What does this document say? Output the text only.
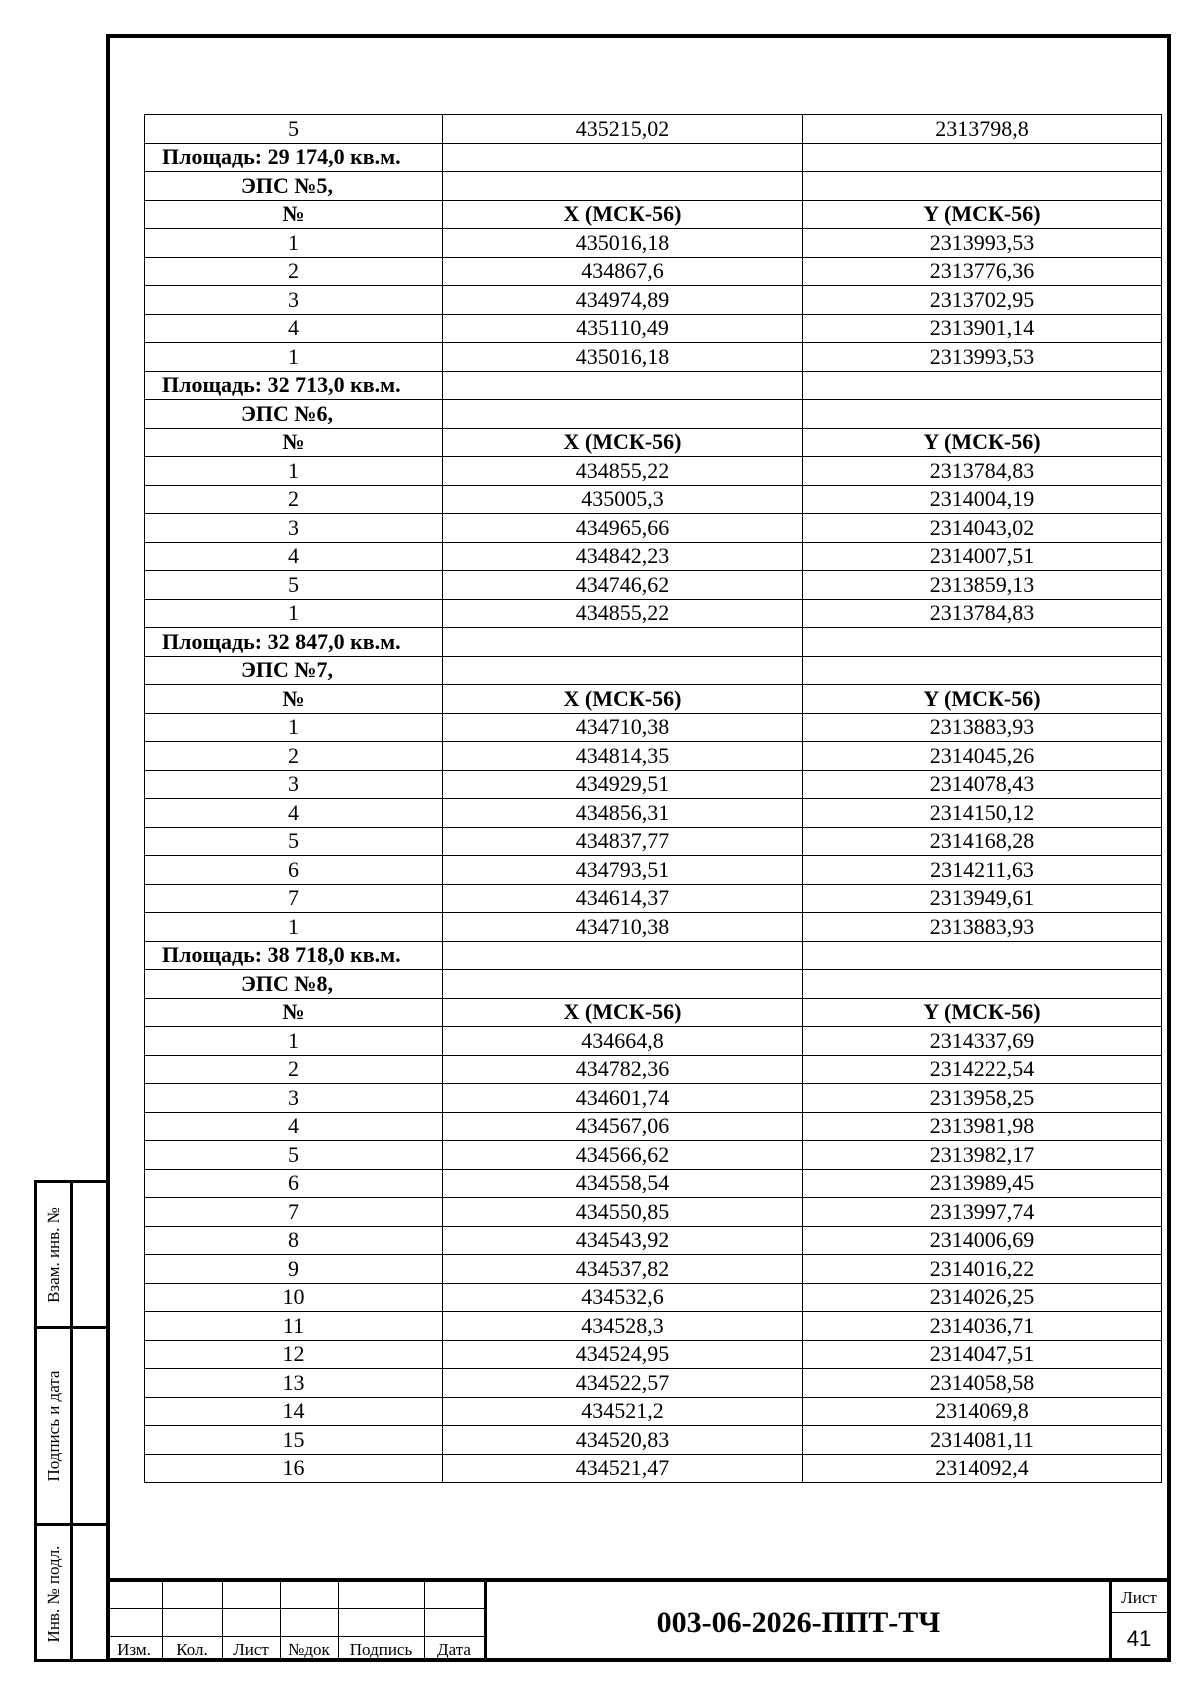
5	435215,02	2313798,8
Площадь: 29 174,0 кв.м.		
ЭПС №5,		
№	X (МСК-56)	Y (МСК-56)
1	435016,18	2313993,53
2	434867,6	2313776,36
3	434974,89	2313702,95
4	435110,49	2313901,14
1	435016,18	2313993,53
Площадь: 32 713,0 кв.м.		
ЭПС №6,		
№	X (МСК-56)	Y (МСК-56)
1	434855,22	2313784,83
2	435005,3	2314004,19
3	434965,66	2314043,02
4	434842,23	2314007,51
5	434746,62	2313859,13
1	434855,22	2313784,83
Площадь: 32 847,0 кв.м.		
ЭПС №7,		
№	X (МСК-56)	Y (МСК-56)
1	434710,38	2313883,93
2	434814,35	2314045,26
3	434929,51	2314078,43
4	434856,31	2314150,12
5	434837,77	2314168,28
6	434793,51	2314211,63
7	434614,37	2313949,61
1	434710,38	2313883,93
Площадь: 38 718,0 кв.м.		
ЭПС №8,		
№	X (МСК-56)	Y (МСК-56)
1	434664,8	2314337,69
2	434782,36	2314222,54
3	434601,74	2313958,25
4	434567,06	2313981,98
5	434566,62	2313982,17
6	434558,54	2313989,45
7	434550,85	2313997,74
8	434543,92	2314006,69
9	434537,82	2314016,22
10	434532,6	2314026,25
11	434528,3	2314036,71
12	434524,95	2314047,51
13	434522,57	2314058,58
14	434521,2	2314069,8
15	434520,83	2314081,11
16	434521,47	2314092,4
Взам. инв. №
Подпись и дата
Инв. № подл.
Изм.	Кол.	Лист	№док	Подпись	Дата
003-06-2026-ППТ-ТЧ
Лист
41
